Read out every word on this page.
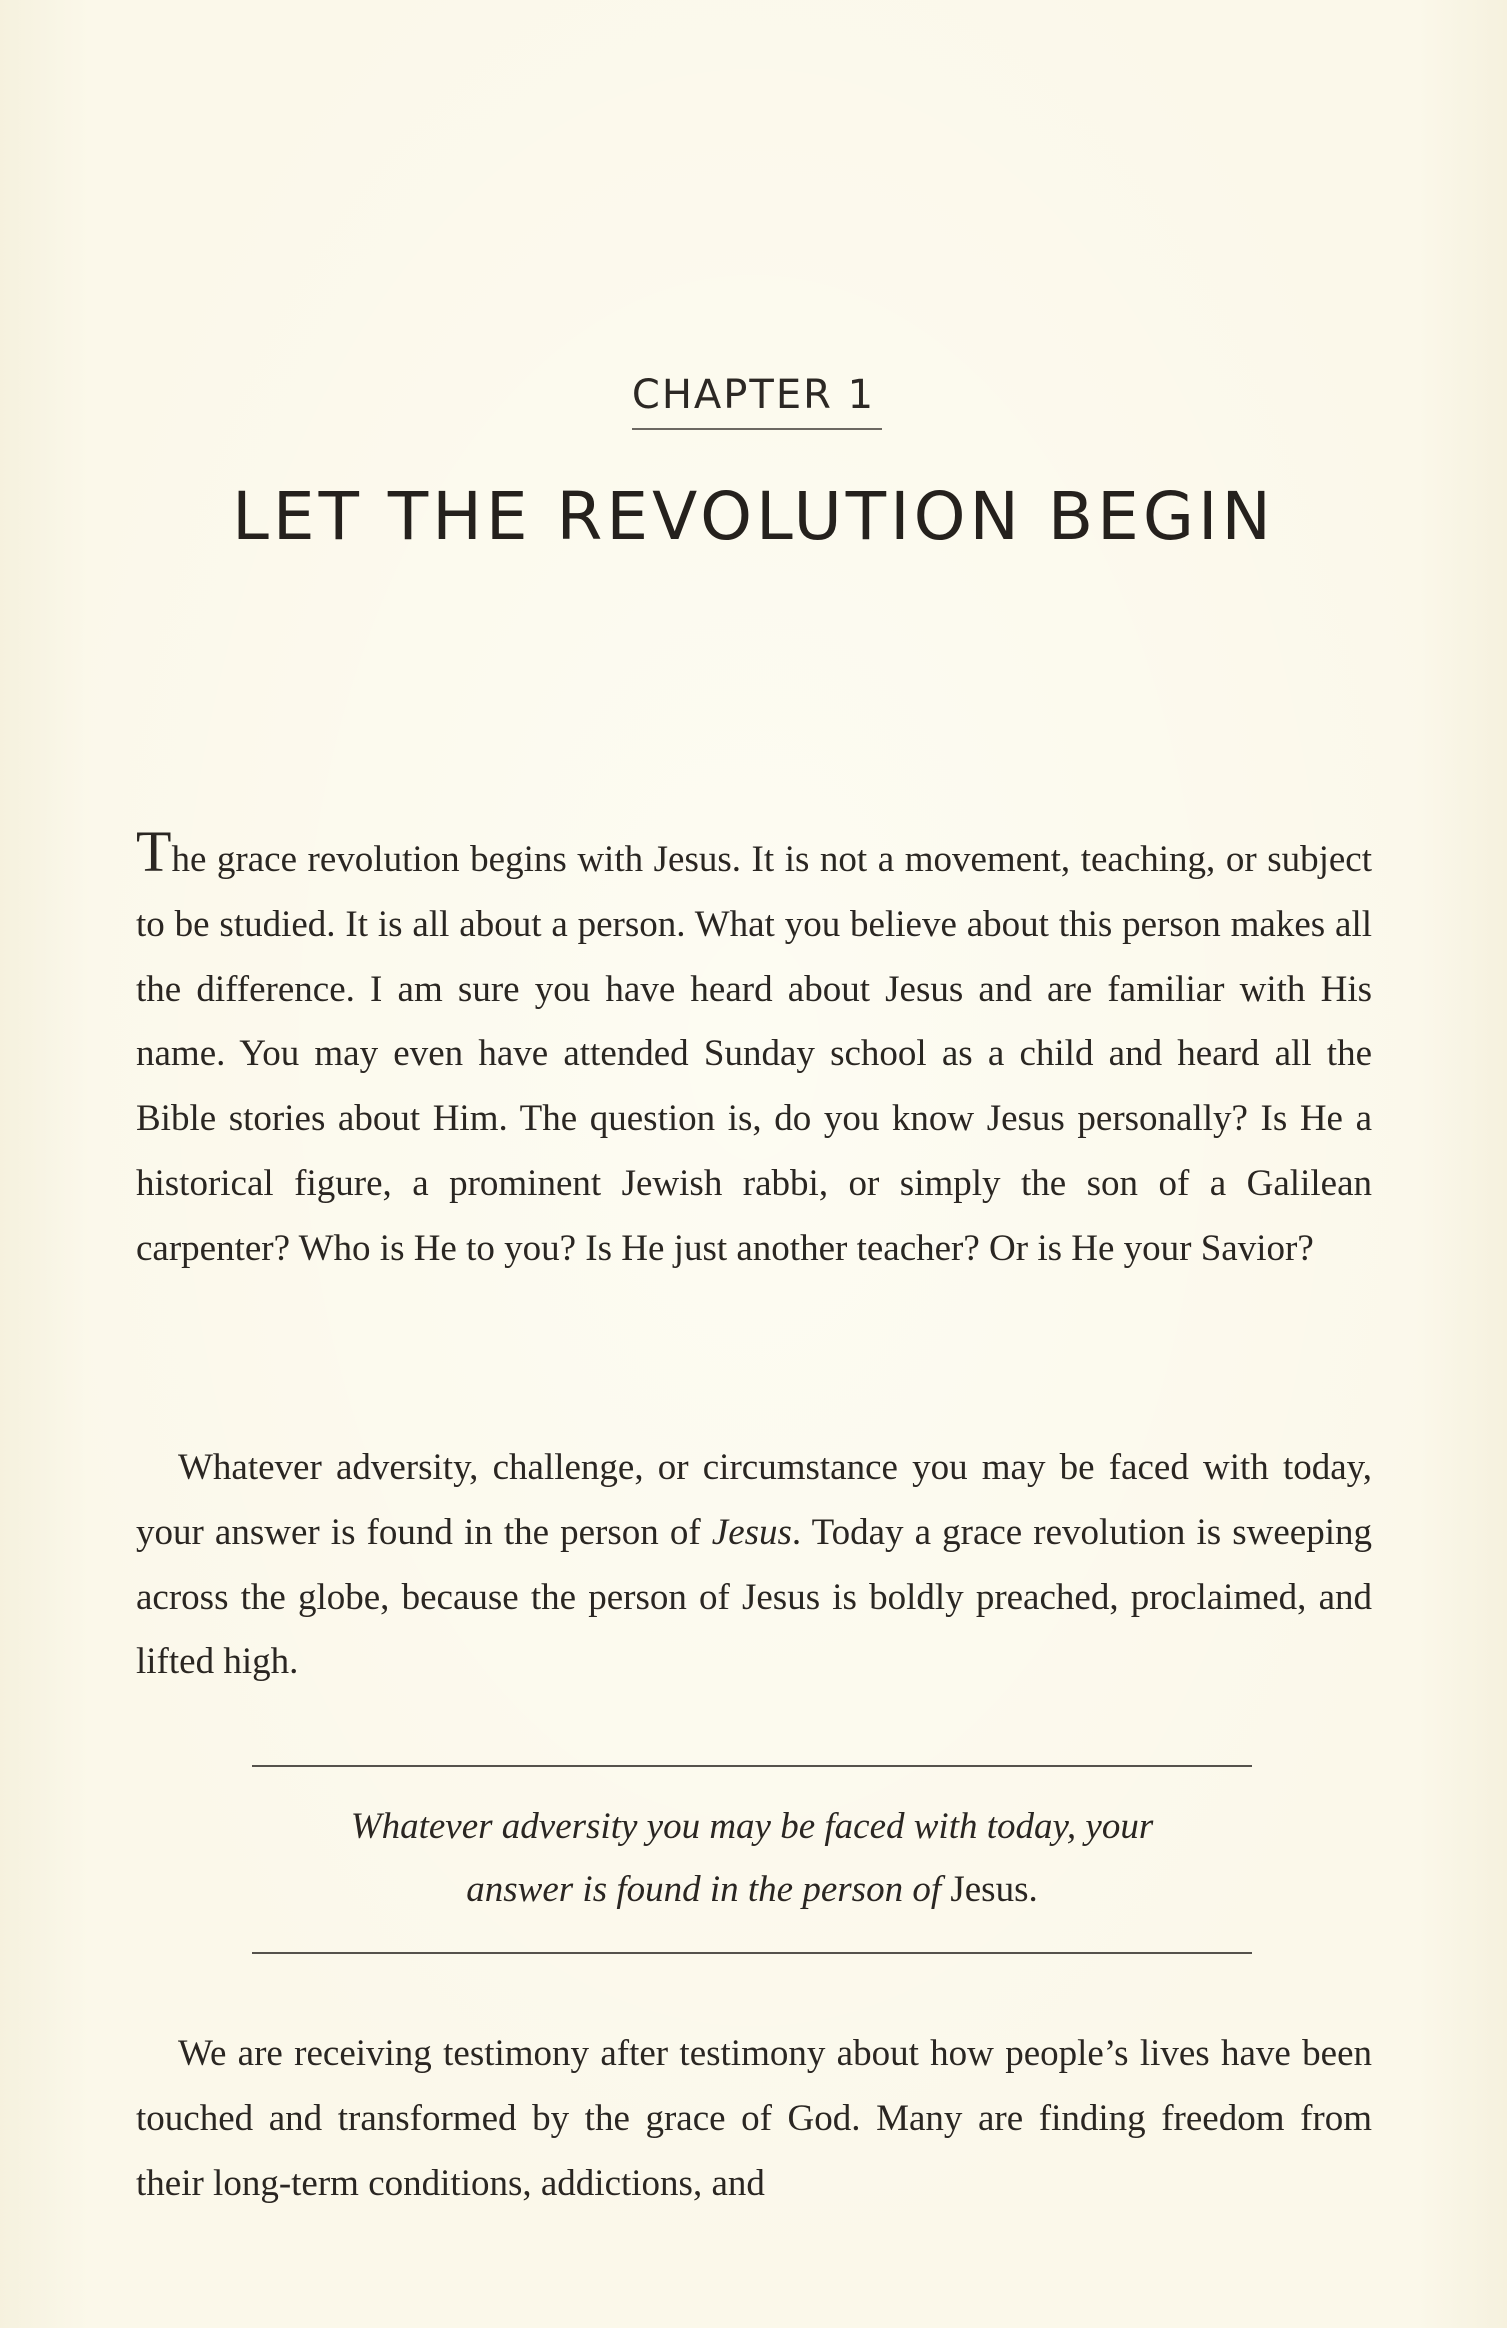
CHAPTER 1
LET THE REVOLUTION BEGIN

The grace revolution begins with Jesus. It is not a movement, teaching, or subject to be studied. It is all about a person. What you believe about this person makes all the difference. I am sure you have heard about Jesus and are familiar with His name. You may even have attended Sunday school as a child and heard all the Bible stories about Him. The question is, do you know Jesus personally? Is He a historical figure, a prominent Jewish rabbi, or simply the son of a Galilean carpenter? Who is He to you? Is He just another teacher? Or is He your Savior?

Whatever adversity, challenge, or circumstance you may be faced with today, your answer is found in the person of Jesus. Today a grace revolution is sweeping across the globe, because the person of Jesus is boldly preached, proclaimed, and lifted high.

Whatever adversity you may be faced with today, your
answer is found in the person of Jesus.

We are receiving testimony after testimony about how people’s lives have been touched and transformed by the grace of God. Many are finding freedom from their long-term conditions, addictions, and
